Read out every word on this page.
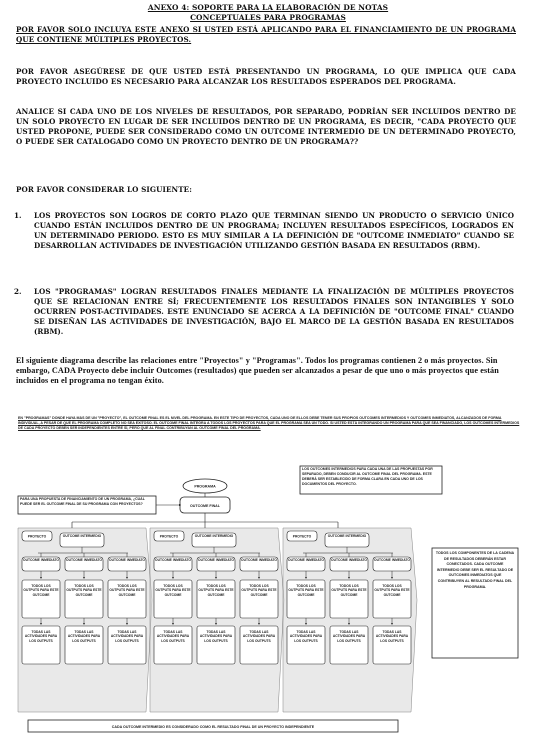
ANEXO 4: SOPORTE PARA LA ELABORACIÓN DE NOTAS CONCEPTUALES PARA PROGRAMAS
POR FAVOR SOLO INCLUYA ESTE ANEXO SI USTED ESTÁ APLICANDO PARA EL FINANCIAMIENTO DE UN PROGRAMA QUE CONTIENE MÚLTIPLES PROYECTOS.
POR FAVOR ASEGÚRESE DE QUE USTED ESTÁ PRESENTANDO UN PROGRAMA, LO QUE IMPLICA QUE CADA PROYECTO INCLUIDO ES NECESARIO PARA ALCANZAR LOS RESULTADOS ESPERADOS DEL PROGRAMA.
ANALICE SI CADA UNO DE LOS NIVELES DE RESULTADOS, POR SEPARADO, PODRÍAN SER INCLUIDOS DENTRO DE UN SOLO PROYECTO EN LUGAR DE SER INCLUIDOS DENTRO DE UN PROGRAMA, ES DECIR, "CADA PROYECTO QUE USTED PROPONE, PUEDE SER CONSIDERADO COMO UN OUTCOME INTERMEDIO DE UN DETERMINADO PROYECTO, O PUEDE SER CATALOGADO COMO UN PROYECTO DENTRO DE UN PROGRAMA??
POR FAVOR CONSIDERAR LO SIGUIENTE:
1. LOS PROYECTOS SON LOGROS DE CORTO PLAZO QUE TERMINAN SIENDO UN PRODUCTO O SERVICIO ÚNICO CUANDO ESTÁN INCLUIDOS DENTRO DE UN PROGRAMA; INCLUYEN RESULTADOS ESPECÍFICOS, LOGRADOS EN UN DETERMINADO PERIODO. ESTO ES MUY SIMILAR A LA DEFINICIÓN DE "OUTCOME INMEDIATO" CUANDO SE DESARROLLAN ACTIVIDADES DE INVESTIGACIÓN UTILIZANDO GESTIÓN BASADA EN RESULTADOS (RBM).
2. LOS "PROGRAMAS" LOGRAN RESULTADOS FINALES MEDIANTE LA FINALIZACIÓN DE MÚLTIPLES PROYECTOS QUE SE RELACIONAN ENTRE SÍ; FRECUENTEMENTE LOS RESULTADOS FINALES SON INTANGIBLES Y SOLO OCURREN POST-ACTIVIDADES. ESTE ENUNCIADO SE ACERCA A LA DEFINICIÓN DE "OUTCOME FINAL" CUANDO SE DISEÑAN LAS ACTIVIDADES DE INVESTIGACIÓN, BAJO EL MARCO DE LA GESTIÓN BASADA EN RESULTADOS (RBM).
El siguiente diagrama describe las relaciones entre "Proyectos" y "Programas". Todos los programas contienen 2 o más proyectos. Sin embargo, CADA Proyecto debe incluir Outcomes (resultados) que pueden ser alcanzados a pesar de que uno o más proyectos que están incluidos en el programa no tengan éxito.
EN "PROGRAMAS" DONDE HAYA MÁS DE UN "PROYECTO", EL OUTCOME FINAL ES EL NIVEL DEL PROGRAMA. EN ESTE TIPO DE PROYECTOS, CADA UNO DE ELLOS DEBE TENER SUS PROPIOS OUTCOMES INTERMEDIOS Y OUTCOMES INMEDIATOS, ALCANZADOS DE FORMA INDIVIDUAL, A PESAR DE QUE EL PROGRAMA COMPLETO NO SEA EXITOSO. EL OUTCOME FINAL INTEGRA A TODOS LOS PROYECTOS PARA QUE EL PROGRAMA SEA UN TODO. SI USTED ESTÁ INTEGRANDO UN PROGRAMA PARA QUE SEA FINANCIADO, LOS OUTCOMES INTERMEDIOS DE CADA PROYECTO DEBEN SER INDEPENDIENTES ENTRE SÍ, PERO QUE AL FINAL CONTRIBUYAN AL OUTCOME FINAL DEL PROGRAMA.
PROGRAMA
OUTCOME FINAL
PARA UNA PROPUESTA DE FINANCIAMIENTO DE UN PROGRAMA, ¿CUÁL PUEDE SER EL OUTCOME FINAL DE SU PROGRAMA CON PROYECTOS?
LOS OUTCOMES INTERMEDIOS PARA CADA UNA DE LAS PROPUESTAS POR SEPARADO, DEBEN CONDUCIR AL OUTCOME FINAL DEL PROGRAMA. ESTE DEBERÁ SER ESTABLECIDO DE FORMA CLARA EN CADA UNO DE LOS DOCUMENTOS DEL PROYECTO.
PROYECTO	OUTCOME INTERMEDIO
OUTCOME INMEDIATO
TODOS LOS OUTPUTS PARA ESTE OUTCOME
TODAS LAS ACTIVIDADES PARA LOS OUTPUTS
OUTCOME INMEDIATO
TODOS LOS OUTPUTS PARA ESTE OUTCOME
TODAS LAS ACTIVIDADES PARA LOS OUTPUTS
OUTCOME INMEDIATO
TODOS LOS OUTPUTS PARA ESTE OUTCOME
TODAS LAS ACTIVIDADES PARA LOS OUTPUTS
PROYECTO	OUTCOME INTERMEDIO
OUTCOME INMEDIATO
TODOS LOS OUTPUTS PARA ESTE OUTCOME
TODAS LAS ACTIVIDADES PARA LOS OUTPUTS
OUTCOME INMEDIATO
TODOS LOS OUTPUTS PARA ESTE OUTCOME
TODAS LAS ACTIVIDADES PARA LOS OUTPUTS
OUTCOME INMEDIATO
TODOS LOS OUTPUTS PARA ESTE OUTCOME
TODAS LAS ACTIVIDADES PARA LOS OUTPUTS
PROYECTO	OUTCOME INTERMEDIO
OUTCOME INMEDIATO
TODOS LOS OUTPUTS PARA ESTE OUTCOME
TODAS LAS ACTIVIDADES PARA LOS OUTPUTS
OUTCOME INMEDIATO
TODOS LOS OUTPUTS PARA ESTE OUTCOME
TODAS LAS ACTIVIDADES PARA LOS OUTPUTS
OUTCOME INMEDIATO
TODOS LOS OUTPUTS PARA ESTE OUTCOME
TODAS LAS ACTIVIDADES PARA LOS OUTPUTS
TODOS LOS COMPONENTES DE LA CADENA DE RESULTADOS DEBERÁN ESTAR CONECTADOS. CADA OUTCOME INTERMEDIO DEBE SER EL RESULTADO DE OUTCOMES INMEDIATOS QUE CONTRIBUYEN AL RESULTADO FINAL DEL PROGRAMA.
CADA OUTCOME INTERMEDIO ES CONSIDERADO COMO EL RESULTADO FINAL DE UN PROYECTO INDEPENDIENTE
